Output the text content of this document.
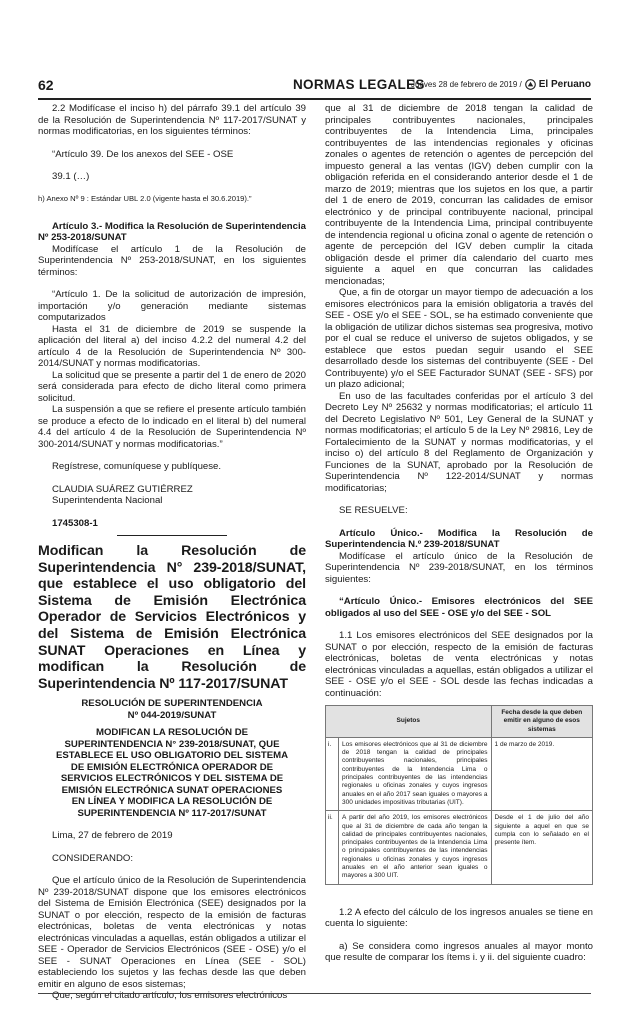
62	NORMAS LEGALES
Jueves 28 de febrero de 2019 / El Peruano

2.2 Modifícase el inciso h) del párrafo 39.1 del artículo 39 de la Resolución de Superintendencia Nº 117-2017/SUNAT y normas modificatorias, en los siguientes términos:

“Artículo 39. De los anexos del SEE - OSE

39.1 (…)

h) Anexo Nº 9 : Estándar UBL 2.0 (vigente hasta el 30.6.2019).”

Artículo 3.- Modifica la Resolución de Superintendencia Nº 253-2018/SUNAT

Modifícase el artículo 1 de la Resolución de Superintendencia Nº 253-2018/SUNAT, en los siguientes términos:

“Artículo 1. De la solicitud de autorización de impresión, importación y/o generación mediante sistemas computarizados

Hasta el 31 de diciembre de 2019 se suspende la aplicación del literal a) del inciso 4.2.2 del numeral 4.2 del artículo 4 de la Resolución de Superintendencia Nº 300-2014/SUNAT y normas modificatorias.

La solicitud que se presente a partir del 1 de enero de 2020 será considerada para efecto de dicho literal como primera solicitud.

La suspensión a que se refiere el presente artículo también se produce a efecto de lo indicado en el literal b) del numeral 4.4 del artículo 4 de la Resolución de Superintendencia Nº 300-2014/SUNAT y normas modificatorias.”

Regístrese, comuníquese y publíquese.

CLAUDIA SUÁREZ GUTIÉRREZ

Superintendenta Nacional

1745308-1

Modifican la Resolución de Superintendencia N° 239-2018/SUNAT, que establece el uso obligatorio del Sistema de Emisión Electrónica Operador de Servicios Electrónicos y del Sistema de Emisión Electrónica SUNAT Operaciones en Línea y modifican la Resolución de Superintendencia Nº 117-2017/SUNAT

RESOLUCIÓN DE SUPERINTENDENCIA

Nº 044-2019/SUNAT

MODIFICAN LA RESOLUCIÓN DE
SUPERINTENDENCIA N° 239-2018/SUNAT, QUE
ESTABLECE EL USO OBLIGATORIO DEL SISTEMA
DE EMISIÓN ELECTRÓNICA OPERADOR DE
SERVICIOS ELECTRÓNICOS Y DEL SISTEMA DE
EMISIÓN ELECTRÓNICA SUNAT OPERACIONES
EN LÍNEA Y MODIFICA LA RESOLUCIÓN DE
SUPERINTENDENCIA Nº 117-2017/SUNAT

Lima, 27 de febrero de 2019

CONSIDERANDO:

Que el artículo único de la Resolución de Superintendencia Nº 239-2018/SUNAT dispone que los emisores electrónicos del Sistema de Emisión Electrónica (SEE) designados por la SUNAT o por elección, respecto de la emisión de facturas electrónicas, boletas de venta electrónicas y notas electrónicas vinculadas a aquellas, están obligados a utilizar el SEE - Operador de Servicios Electrónicos (SEE - OSE) y/o el SEE - SUNAT Operaciones en Línea (SEE - SOL) estableciendo los sujetos y las fechas desde las que deben emitir en alguno de esos sistemas;

Que, según el citado artículo, los emisores electrónicos

que al 31 de diciembre de 2018 tengan la calidad de principales contribuyentes nacionales, principales contribuyentes de la Intendencia Lima, principales contribuyentes de las intendencias regionales y oficinas zonales o agentes de retención o agentes de percepción del impuesto general a las ventas (IGV) deben cumplir con la obligación referida en el considerando anterior desde el 1 de marzo de 2019; mientras que los sujetos en los que, a partir del 1 de enero de 2019, concurran las calidades de emisor electrónico y de principal contribuyente nacional, principal contribuyente de la Intendencia Lima, principal contribuyente de intendencia regional u oficina zonal o agente de retención o agente de percepción del IGV deben cumplir la citada obligación desde el primer día calendario del cuarto mes siguiente a aquel en que concurran las calidades mencionadas;

Que, a fin de otorgar un mayor tiempo de adecuación a los emisores electrónicos para la emisión obligatoria a través del SEE - OSE y/o el SEE - SOL, se ha estimado conveniente que la obligación de utilizar dichos sistemas sea progresiva, motivo por el cual se reduce el universo de sujetos obligados, y se establece que estos puedan seguir usando el SEE desarrollado desde los sistemas del contribuyente (SEE - Del Contribuyente) y/o el SEE Facturador SUNAT (SEE - SFS) por un plazo adicional;

En uso de las facultades conferidas por el artículo 3 del Decreto Ley Nº 25632 y normas modificatorias; el artículo 11 del Decreto Legislativo Nº 501, Ley General de la SUNAT y normas modificatorias; el artículo 5 de la Ley Nº 29816, Ley de Fortalecimiento de la SUNAT y normas modificatorias, y el inciso o) del artículo 8 del Reglamento de Organización y Funciones de la SUNAT, aprobado por la Resolución de Superintendencia Nº 122-2014/SUNAT y normas modificatorias;

SE RESUELVE:

Artículo Único.- Modifica la Resolución de Superintendencia N.º 239-2018/SUNAT

Modifícase el artículo único de la Resolución de Superintendencia Nº 239-2018/SUNAT, en los términos siguientes:

“Artículo Único.- Emisores electrónicos del SEE obligados al uso del SEE - OSE y/o del SEE - SOL

1.1 Los emisores electrónicos del SEE designados por la SUNAT o por elección, respecto de la emisión de facturas electrónicas, boletas de venta electrónicas y notas electrónicas vinculadas a aquellas, están obligados a utilizar el SEE - OSE y/o el SEE - SOL desde las fechas indicadas a continuación:

Sujetos		Fecha desde la que deben emitir en alguno de esos sistemas
i.	Los emisores electrónicos que al 31 de diciembre de 2018 tengan la calidad de principales contribuyentes nacionales, principales contribuyentes de la Intendencia Lima o principales contribuyentes de las intendencias regionales u oficinas zonales y cuyos ingresos anuales en el año 2017 sean iguales o mayores a 300 unidades impositivas tributarias (UIT).	1 de marzo de 2019.
ii.	A partir del año 2019, los emisores electrónicos que al 31 de diciembre de cada año tengan la calidad de principales contribuyentes nacionales, principales contribuyentes de la Intendencia Lima o principales contribuyentes de las intendencias regionales u oficinas zonales y cuyos ingresos anuales en el año anterior sean iguales o mayores a 300 UIT.	Desde el 1 de julio del año siguiente a aquel en que se cumpla con lo señalado en el presente ítem.

1.2 A efecto del cálculo de los ingresos anuales se tiene en cuenta lo siguiente:

a) Se considera como ingresos anuales al mayor monto que resulte de comparar los ítems i. y ii. del siguiente cuadro:
